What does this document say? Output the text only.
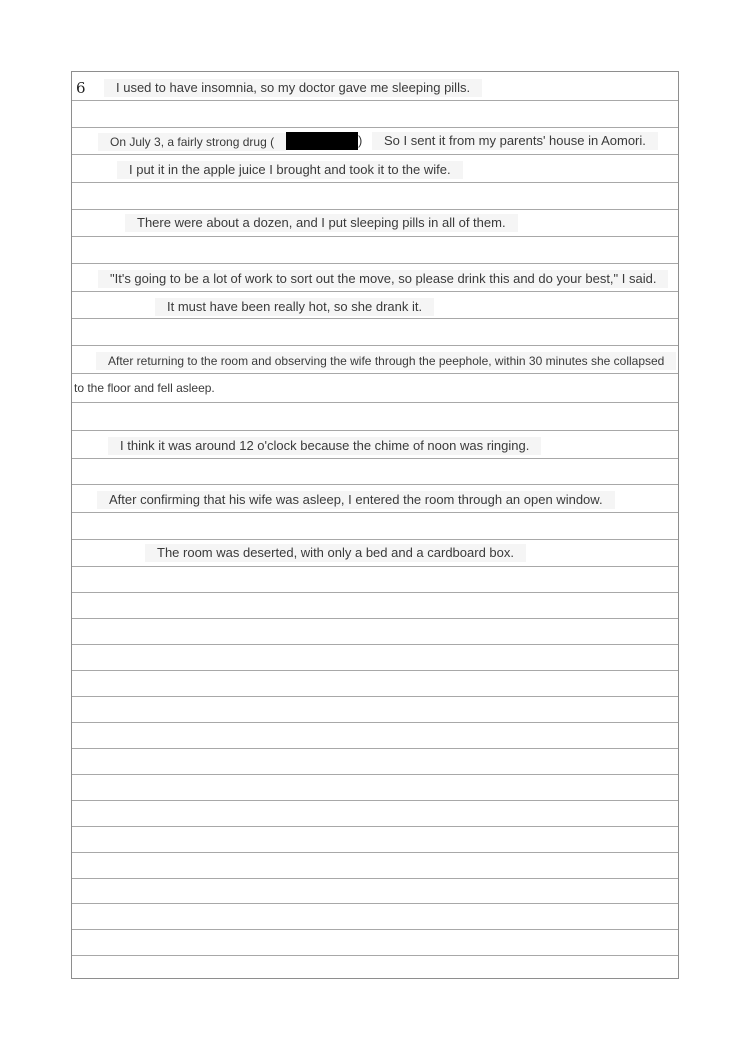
6	I used to have insomnia, so my doctor gave me sleeping pills.
On July 3, a fairly strong drug (	)	So I sent it from my parents' house in Aomori.
I put it in the apple juice I brought and took it to the wife.
There were about a dozen, and I put sleeping pills in all of them.
"It's going to be a lot of work to sort out the move, so please drink this and do your best," I said.
It must have been really hot, so she drank it.
After returning to the room and observing the wife through the peephole, within 30 minutes she collapsed
to the floor and fell asleep.
I think it was around 12 o'clock because the chime of noon was ringing.
After confirming that his wife was asleep, I entered the room through an open window.
The room was deserted, with only a bed and a cardboard box.
